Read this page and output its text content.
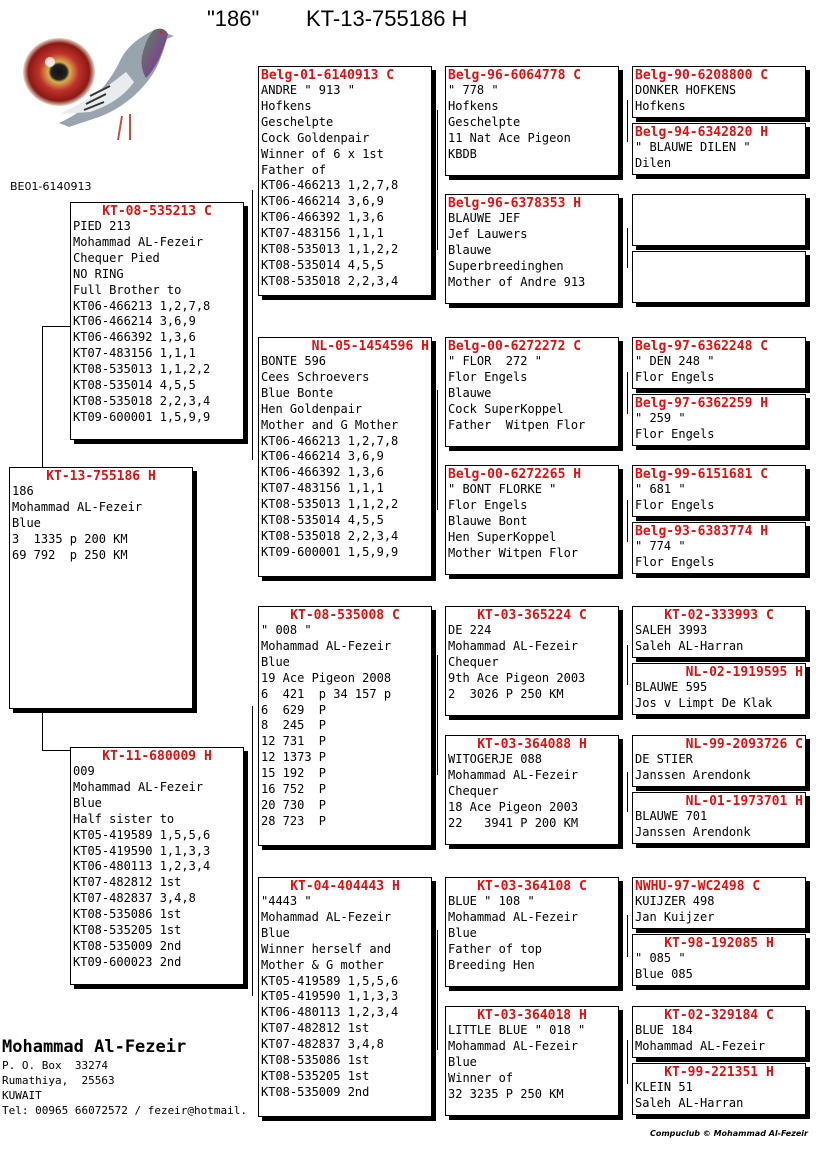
"186" KT-13-755186 H
BE01-6140913
KT-13-755186 H
186
Mohammad AL-Fezeir
Blue
3  1335 p 200 KM
69 792  p 250 KM
KT-08-535213 C
PIED 213
Mohammad AL-Fezeir
Chequer Pied
NO RING
Full Brother to
KT06-466213 1,2,7,8
KT06-466214 3,6,9
KT06-466392 1,3,6
KT07-483156 1,1,1
KT08-535013 1,1,2,2
KT08-535014 4,5,5
KT08-535018 2,2,3,4
KT09-600001 1,5,9,9
KT-11-680009 H
009
Mohammad AL-Fezeir
Blue
Half sister to
KT05-419589 1,5,5,6
KT05-419590 1,1,3,3
KT06-480113 1,2,3,4
KT07-482812 1st
KT07-482837 3,4,8
KT08-535086 1st
KT08-535205 1st
KT08-535009 2nd
KT09-600023 2nd
Belg-01-6140913 C
ANDRE " 913 "
Hofkens
Geschelpte
Cock Goldenpair
Winner of 6 x 1st
Father of
KT06-466213 1,2,7,8
KT06-466214 3,6,9
KT06-466392 1,3,6
KT07-483156 1,1,1
KT08-535013 1,1,2,2
KT08-535014 4,5,5
KT08-535018 2,2,3,4
NL-05-1454596 H
BONTE 596
Cees Schroevers
Blue Bonte
Hen Goldenpair
Mother and G Mother
KT06-466213 1,2,7,8
KT06-466214 3,6,9
KT06-466392 1,3,6
KT07-483156 1,1,1
KT08-535013 1,1,2,2
KT08-535014 4,5,5
KT08-535018 2,2,3,4
KT09-600001 1,5,9,9
KT-08-535008 C
" 008 "
Mohammad AL-Fezeir
Blue
19 Ace Pigeon 2008
6  421  p 34 157 p
6  629  P
8  245  P
12 731  P
12 1373 P
15 192  P
16 752  P
20 730  P
28 723  P
KT-04-404443 H
"4443 "
Mohammad AL-Fezeir
Blue
Winner herself and
Mother & G mother
KT05-419589 1,5,5,6
KT05-419590 1,1,3,3
KT06-480113 1,2,3,4
KT07-482812 1st
KT07-482837 3,4,8
KT08-535086 1st
KT08-535205 1st
KT08-535009 2nd
Belg-96-6064778 C
" 778 "
Hofkens
Geschelpte
11 Nat Ace Pigeon
KBDB
Belg-96-6378353 H
BLAUWE JEF
Jef Lauwers
Blauwe
Superbreedinghen
Mother of Andre 913
Belg-00-6272272 C
" FLOR  272 "
Flor Engels
Blauwe
Cock SuperKoppel
Father  Witpen Flor
Belg-00-6272265 H
" BONT FLORKE "
Flor Engels
Blauwe Bont
Hen SuperKoppel
Mother Witpen Flor
KT-03-365224 C
DE 224
Mohammad AL-Fezeir
Chequer
9th Ace Pigeon 2003
2  3026 P 250 KM
KT-03-364088 H
WITOGERJE 088
Mohammad AL-Fezeir
Chequer
18 Ace Pigeon 2003
22   3941 P 200 KM
KT-03-364108 C
BLUE " 108 "
Mohammad AL-Fezeir
Blue
Father of top
Breeding Hen
KT-03-364018 H
LITTLE BLUE " 018 "
Mohammad AL-Fezeir
Blue
Winner of
32 3235 P 250 KM
Belg-90-6208800 C
DONKER HOFKENS
Hofkens
Belg-94-6342820 H
" BLAUWE DILEN "
Dilen
Belg-97-6362248 C
" DEN 248 "
Flor Engels
Belg-97-6362259 H
" 259 "
Flor Engels
Belg-99-6151681 C
" 681 "
Flor Engels
Belg-93-6383774 H
" 774 "
Flor Engels
KT-02-333993 C
SALEH 3993
Saleh AL-Harran
NL-02-1919595 H
BLAUWE 595
Jos v Limpt De Klak
NL-99-2093726 C
DE STIER
Janssen Arendonk
NL-01-1973701 H
BLAUWE 701
Janssen Arendonk
NWHU-97-WC2498 C
KUIJZER 498
Jan Kuijzer
KT-98-192085 H
" 085 "
Blue 085
KT-02-329184 C
BLUE 184
Mohammad AL-Fezeir
KT-99-221351 H
KLEIN 51
Saleh AL-Harran
Mohammad Al-Fezeir
P. O. Box  33274
Rumathiya,  25563
KUWAIT
Tel: 00965 66072572 / fezeir@hotmail.
Compuclub © Mohammad Al-Fezeir
